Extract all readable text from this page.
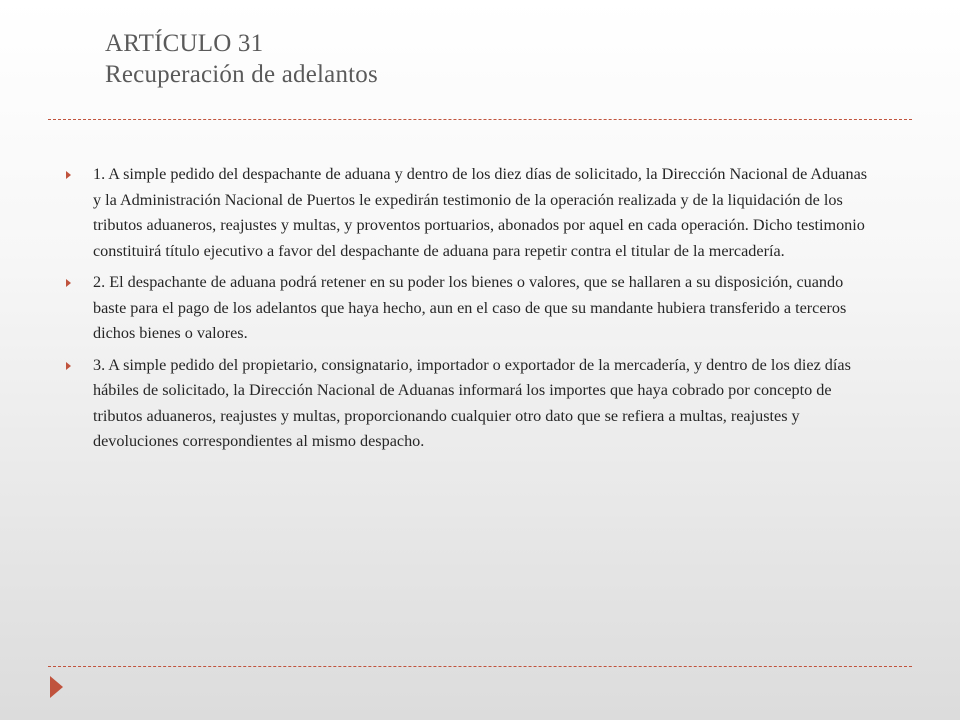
ARTÍCULO 31
Recuperación de adelantos
1. A simple pedido del despachante de aduana y dentro de los diez días de solicitado, la Dirección Nacional de Aduanas y la Administración Nacional de Puertos le expedirán testimonio de la operación realizada y de la liquidación de los tributos aduaneros, reajustes y multas, y proventos portuarios, abonados por aquel en cada operación. Dicho testimonio constituirá título ejecutivo a favor del despachante de aduana para repetir contra el titular de la mercadería.
2. El despachante de aduana podrá retener en su poder los bienes o valores, que se hallaren a su disposición, cuando baste para el pago de los adelantos que haya hecho, aun en el caso de que su mandante hubiera transferido a terceros dichos bienes o valores.
3. A simple pedido del propietario, consignatario, importador o exportador de la mercadería, y dentro de los diez días hábiles de solicitado, la Dirección Nacional de Aduanas informará los importes que haya cobrado por concepto de tributos aduaneros, reajustes y multas, proporcionando cualquier otro dato que se refiera a multas, reajustes y devoluciones correspondientes al mismo despacho.
